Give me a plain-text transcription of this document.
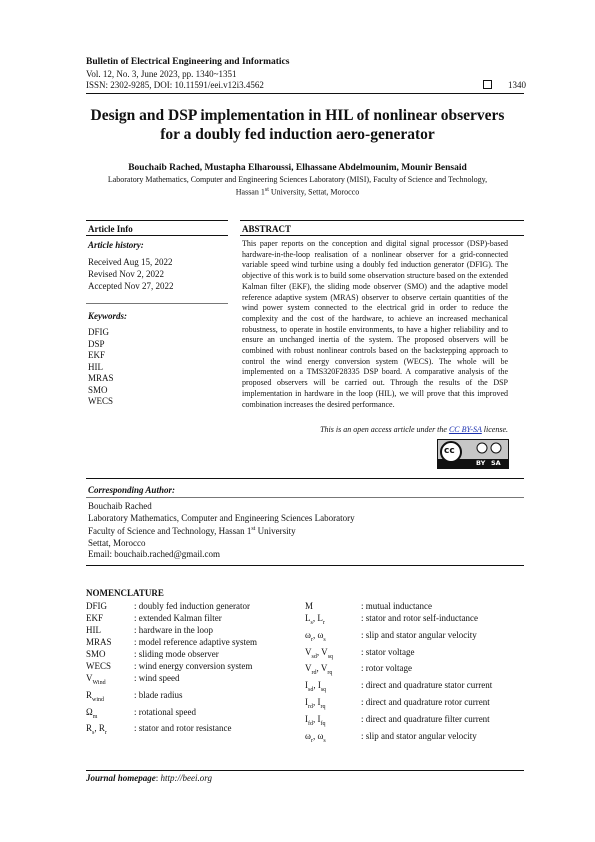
Bulletin of Electrical Engineering and Informatics
Vol. 12, No. 3, June 2023, pp. 1340~1351
ISSN: 2302-9285, DOI: 10.11591/eei.v12i3.4562	1340
Design and DSP implementation in HIL of nonlinear observers
for a doubly fed induction aero-generator
Bouchaib Rached, Mustapha Elharoussi, Elhassane Abdelmounim, Mounir Bensaid
Laboratory Mathematics, Computer and Engineering Sciences Laboratory (MISI), Faculty of Science and Technology,
Hassan 1st University, Settat, Morocco
Article Info
Article history:
Received Aug 15, 2022
Revised Nov 2, 2022
Accepted Nov 27, 2022
Keywords:
DFIG
DSP
EKF
HIL
MRAS
SMO
WECS
ABSTRACT
This paper reports on the conception and digital signal processor (DSP)-based hardware-in-the-loop realisation of a nonlinear observer for a grid-connected variable speed wind turbine using a doubly fed induction generator (DFIG). The objective of this work is to build some observation structure based on the extended Kalman filter (EKF), the sliding mode observer (SMO) and the adaptive model reference adaptive system (MRAS) observer to observe certain quantities of the wind power system connected to the electrical grid in order to reduce the complexity and the cost of the hardware, to achieve an increased mechanical robustness, to operate in hostile environments, to have a higher reliability and to ensure an unchanged inertia of the system. The proposed observers will be combined with robust nonlinear controls based on the backstepping approach to control the wind energy conversion system (WECS). The whole will be implemented on a TMS320F28335 DSP board. A comparative analysis of the proposed observers will be carried out. Through the results of the DSP implementation in hardware in the loop (HIL), we will prove that this improved combination increases the desired performance.
This is an open access article under the CC BY-SA license.
cc
BY SA
Corresponding Author:
Bouchaib Rached
Laboratory Mathematics, Computer and Engineering Sciences Laboratory
Faculty of Science and Technology, Hassan 1st University
Settat, Morocco
Email: bouchaib.rached@gmail.com
NOMENCLATURE
DFIG	: doubly fed induction generator
EKF	: extended Kalman filter
HIL	: hardware in the loop
MRAS	: model reference adaptive system
SMO	: sliding mode observer
WECS	: wind energy conversion system
$V_{Wind}$	: wind speed
$R_{wind}$	: blade radius
$\Omega_m$	: rotational speed
$R_s$, $R_r$	: stator and rotor resistance
M	: mutual inductance
$L_s$, $L_r$	: stator and rotor self-inductance
$\omega_r$, $\omega_s$	: slip and stator angular velocity
$V_{sd}$, $V_{sq}$	: stator voltage
$V_{rd}$, $V_{rq}$	: rotor voltage
$I_{sd}$, $I_{sq}$	: direct and quadrature stator current
$I_{rd}$, $I_{rq}$	: direct and quadrature rotor current
$I_{fd}$, $I_{fq}$	: direct and quadrature filter current
$\omega_r$, $\omega_s$	: slip and stator angular velocity
Journal homepage: http://beei.org
